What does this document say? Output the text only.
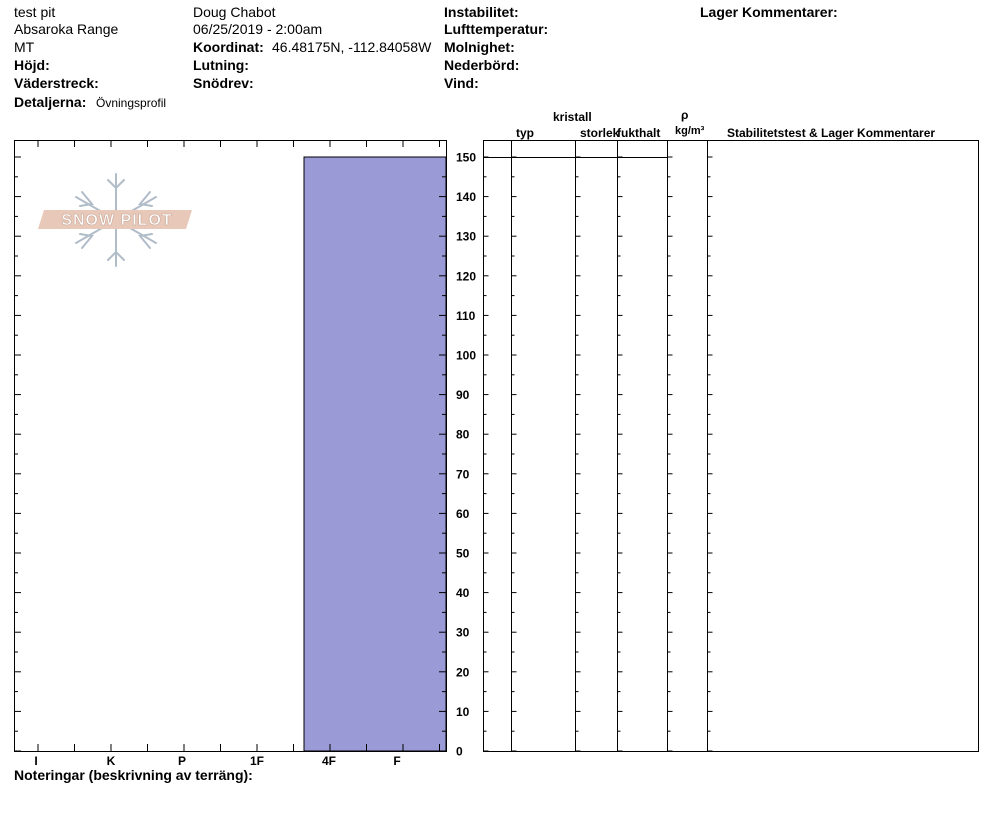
test pit
Absaroka Range
MT
Höjd:
Väderstreck:
Detaljerna: Övningsprofil
Doug Chabot
06/25/2019 - 2:00am
Koordinat: 46.48175N, -112.84058W
Lutning:
Snödrev:
Instabilitet:
Lufttemperatur:
Molnighet:
Nederbörd:
Vind:
Lager Kommentarer:
kristall
typ	storlek
fukthalt
ρ
kg/m³ Stabilitetstest & Lager Kommentarer
I	K	P	1F	4F	F
0
10
20
30
40
50
60
70
80
90
100
110
120
130
140
150
SNOW PILOT
Noteringar (beskrivning av terräng):
